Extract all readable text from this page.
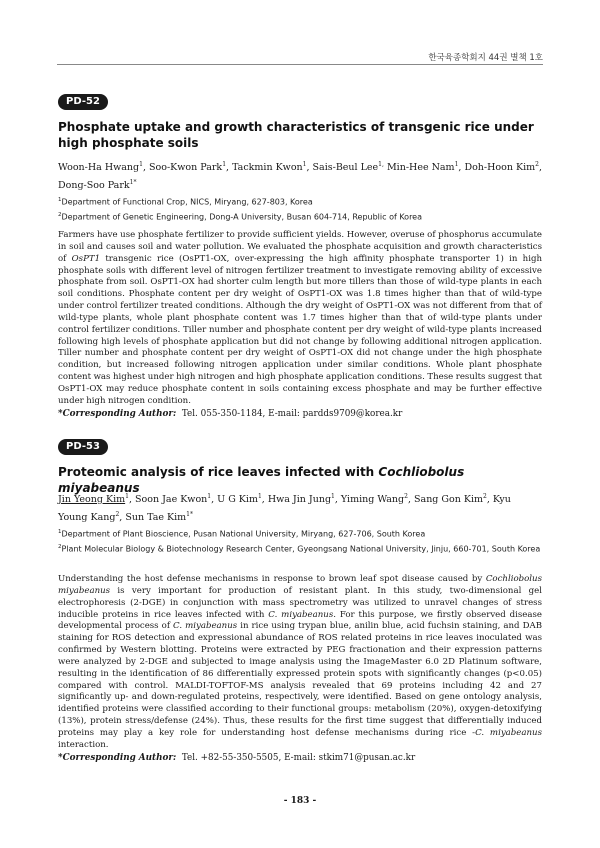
한국육종학회지 44권 별책 1호
PD-52
Phosphate uptake and growth characteristics of transgenic rice under high phosphate soils
Woon-Ha Hwang$^1$, Soo-Kwon Park$^1$, Tackmin Kwon$^1$, Sais-Beul Lee$^{1,}$ Min-Hee Nam$^1$, Doh-Hoon Kim$^2$, Dong-Soo Park$^{1*}$
$^1$Department of Functional Crop, NICS, Miryang, 627-803, Korea
$^2$Department of Genetic Engineering, Dong-A University, Busan 604-714, Republic of Korea

Farmers have use phosphate fertilizer to provide sufficient yields. However, overuse of phosphorus accumulate in soil and causes soil and water pollution. We evaluated the phosphate acquisition and growth characteristics of OsPT1 transgenic rice (OsPT1-OX, over-expressing the high affinity phosphate transporter 1) in high phosphate soils with different level of nitrogen fertilizer treatment to investigate removing ability of excessive phosphate from soil. OsPT1-OX had shorter culm length but more tillers than those of wild-type plants in each soil conditions. Phosphate content per dry weight of OsPT1-OX was 1.8 times higher than that of wild-type under control fertilizer treated conditions. Although the dry weight of OsPT1-OX was not different from that of wild-type plants, whole plant phosphate content was 1.7 times higher than that of wild-type plants under control fertilizer conditions. Tiller number and phosphate content per dry weight of wild-type plants increased following high levels of phosphate application but did not change by following additional nitrogen application. Tiller number and phosphate content per dry weight of OsPT1-OX did not change under the high phosphate condition, but increased following nitrogen application under similar conditions. Whole plant phosphate content was highest under high nitrogen and high phosphate application conditions. These results suggest that OsPT1-OX may reduce phosphate content in soils containing excess phosphate and may be further effective under high nitrogen condition.

*Corresponding Author: Tel. 055-350-1184, E-mail: pardds9709@korea.kr
PD-53
Proteomic analysis of rice leaves infected with Cochliobolus miyabeanus
Jin Yeong Kim$^1$, Soon Jae Kwon$^1$, U G Kim$^1$, Hwa Jin Jung$^1$, Yiming Wang$^2$, Sang Gon Kim$^2$, Kyu Young Kang$^2$, Sun Tae Kim$^{1*}$
$^1$Department of Plant Bioscience, Pusan National University, Miryang, 627-706, South Korea
$^2$Plant Molecular Biology & Biotechnology Research Center, Gyeongsang National University, Jinju, 660-701, South Korea

Understanding the host defense mechanisms in response to brown leaf spot disease caused by Cochliobolus miyabeanus is very important for production of resistant plant. In this study, two-dimensional gel electrophoresis (2-DGE) in conjunction with mass spectrometry was utilized to unravel changes of stress inducible proteins in rice leaves infected with C. miyabeanus. For this purpose, we firstly observed disease developmental process of C. miyabeanus in rice using trypan blue, anilin blue, acid fuchsin staining, and DAB staining for ROS detection and expressional abundance of ROS related proteins in rice leaves inoculated was confirmed by Western blotting. Proteins were extracted by PEG fractionation and their expression patterns were analyzed by 2-DGE and subjected to image analysis using the ImageMaster 6.0 2D Platinum software, resulting in the identification of 86 differentially expressed protein spots with significantly changes (p<0.05) compared with control. MALDI-TOFTOF-MS analysis revealed that 69 proteins including 42 and 27 significantly up- and down-regulated proteins, respectively, were identified. Based on gene ontology analysis, identified proteins were classified according to their functional groups: metabolism (20%), oxygen-detoxifying (13%), protein stress/defense (24%). Thus, these results for the first time suggest that differentially induced proteins may play a key role for understanding host defense mechanisms during rice -C. miyabeanus interaction.

*Corresponding Author: Tel. +82-55-350-5505, E-mail: stkim71@pusan.ac.kr
- 183 -
